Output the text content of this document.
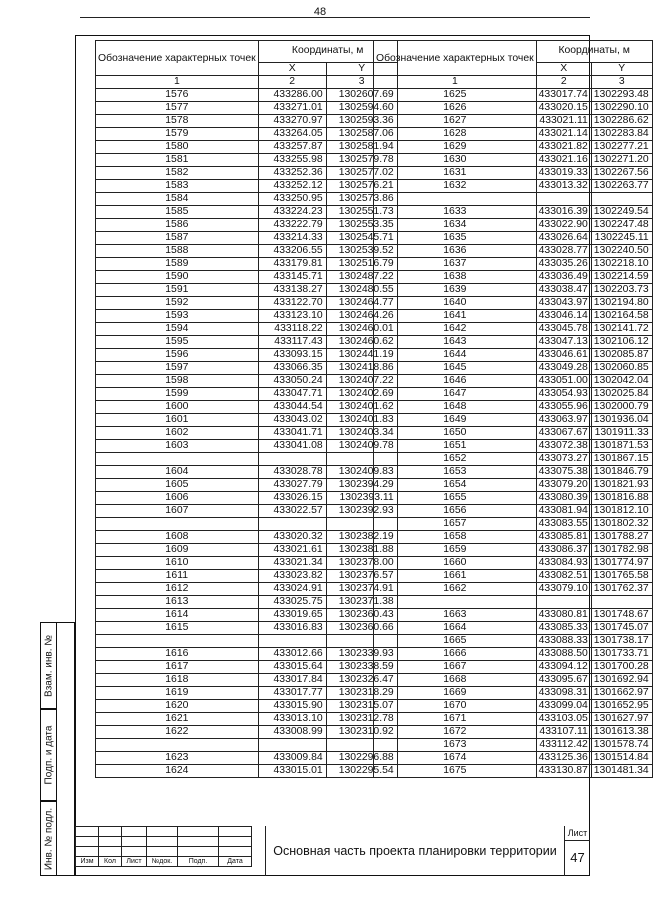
48
Обозначение характерных точек	Координаты, м	
	X	Y
1	2	3
1576	433286.00	1302607.69
1577	433271.01	1302594.60
1578	433270.97	1302593.36
1579	433264.05	1302587.06
1580	433257.87	1302581.94
1581	433255.98	1302579.78
1582	433252.36	1302577.02
1583	433252.12	1302576.21
1584	433250.95	1302573.86
1585	433224.23	1302551.73
1586	433222.79	1302553.35
1587	433214.33	1302545.71
1588	433206.55	1302539.52
1589	433179.81	1302516.79
1590	433145.71	1302487.22
1591	433138.27	1302480.55
1592	433122.70	1302464.77
1593	433123.10	1302464.26
1594	433118.22	1302460.01
1595	433117.43	1302460.62
1596	433093.15	1302441.19
1597	433066.35	1302418.86
1598	433050.24	1302407.22
1599	433047.71	1302402.69
1600	433044.54	1302401.62
1601	433043.02	1302401.83
1602	433041.71	1302403.34
1603	433041.08	1302409.78

1604	433028.78	1302409.83
1605	433027.79	1302394.29
1606	433026.15	1302393.11
1607	433022.57	1302392.93

1608	433020.32	1302382.19
1609	433021.61	1302381.88
1610	433021.34	1302378.00
1611	433023.82	1302376.57
1612	433024.91	1302374.91
1613	433025.75	1302371.38
1614	433019.65	1302360.43
1615	433016.83	1302360.66

1616	433012.66	1302339.93
1617	433015.64	1302338.59
1618	433017.84	1302326.47
1619	433017.77	1302318.29
1620	433015.90	1302315.07
1621	433013.10	1302312.78
1622	433008.99	1302310.92

1623	433009.84	1302296.88
1624	433015.01	1302295.54
Обозначение характерных точек	Координаты, м	
	X	Y
1	2	3
1625	433017.74	1302293.48
1626	433020.15	1302290.10
1627	433021.11	1302286.62
1628	433021.14	1302283.84
1629	433021.82	1302277.21
1630	433021.16	1302271.20
1631	433019.33	1302267.56
1632	433013.32	1302263.77

1633	433016.39	1302249.54
1634	433022.90	1302247.48
1635	433026.64	1302245.11
1636	433028.77	1302240.50
1637	433035.26	1302218.10
1638	433036.49	1302214.59
1639	433038.47	1302203.73
1640	433043.97	1302194.80
1641	433046.14	1302164.58
1642	433045.78	1302141.72
1643	433047.13	1302106.12
1644	433046.61	1302085.87
1645	433049.28	1302060.85
1646	433051.00	1302042.04
1647	433054.93	1302025.84
1648	433055.96	1302000.79
1649	433063.97	1301936.04
1650	433067.67	1301911.33
1651	433072.38	1301871.53
1652	433073.27	1301867.15
1653	433075.38	1301846.79
1654	433079.20	1301821.93
1655	433080.39	1301816.88
1656	433081.94	1301812.10
1657	433083.55	1301802.32
1658	433085.81	1301788.27
1659	433086.37	1301782.98
1660	433084.93	1301774.97
1661	433082.51	1301765.58
1662	433079.10	1301762.37

1663	433080.81	1301748.67
1664	433085.33	1301745.07
1665	433088.33	1301738.17
1666	433088.50	1301733.71
1667	433094.12	1301700.28
1668	433095.67	1301692.94
1669	433098.31	1301662.97
1670	433099.04	1301652.95
1671	433103.05	1301627.97
1672	433107.11	1301613.38
1673	433112.42	1301578.74
1674	433125.36	1301514.84
1675	433130.87	1301481.34
Взам. инв. №
Подп. и дата
Инв. № подл.

						Изм	Кол	Лист	№док.	Подп.	Дата
Основная часть проекта планировки территории
Лист
47
